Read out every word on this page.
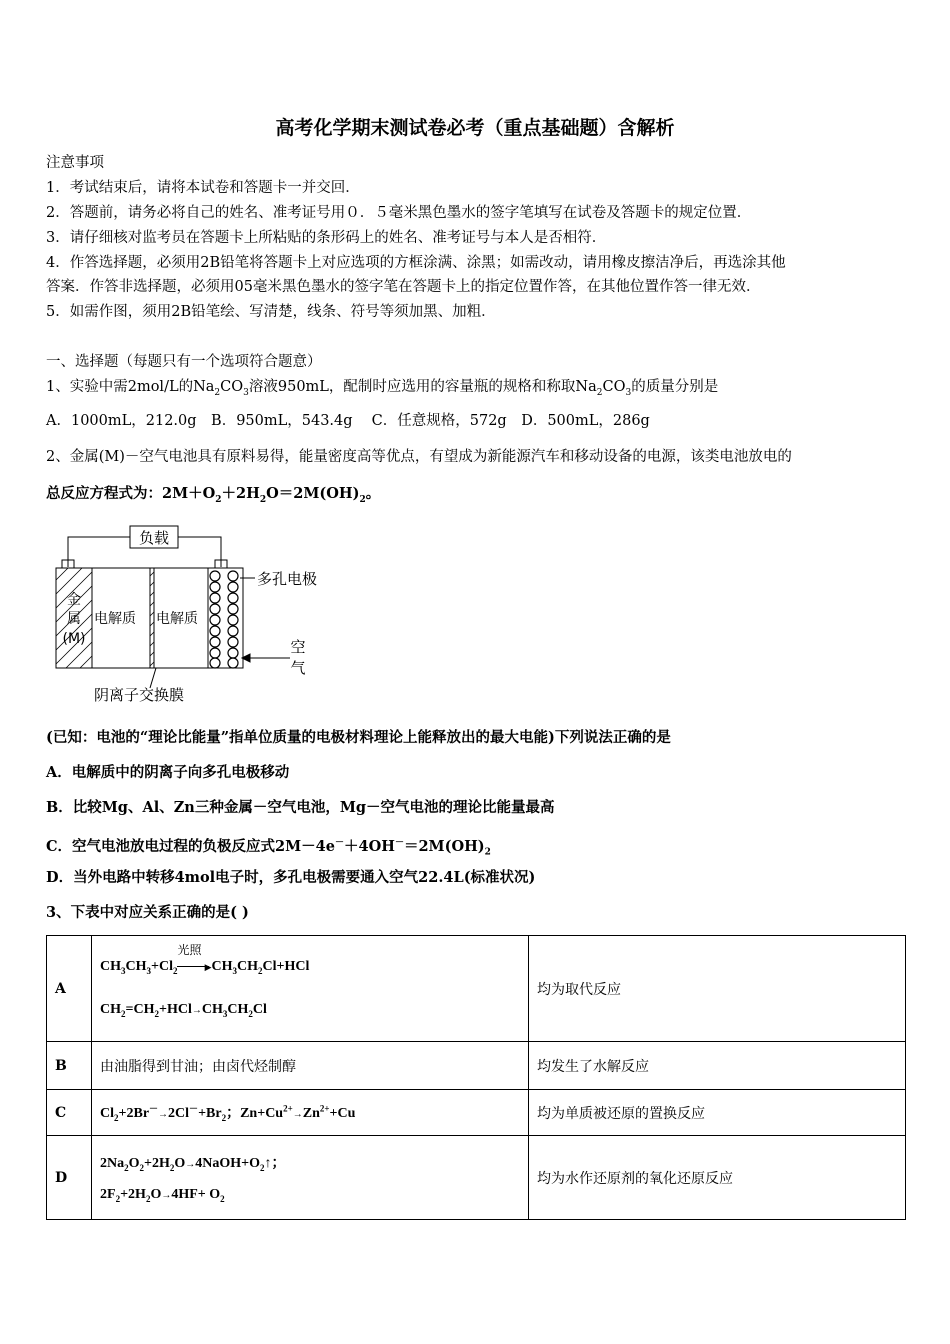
高考化学期末测试卷必考（重点基础题）含解析
注意事项
1．考试结束后，请将本试卷和答题卡一并交回．
2．答题前，请务必将自己的姓名、准考证号用０．５毫米黑色墨水的签字笔填写在试卷及答题卡的规定位置．
3．请仔细核对监考员在答题卡上所粘贴的条形码上的姓名、准考证号与本人是否相符．
4．作答选择题，必须用2B铅笔将答题卡上对应选项的方框涂满、涂黑；如需改动，请用橡皮擦洁净后，再选涂其他
答案．作答非选择题，必须用05毫米黑色墨水的签字笔在答题卡上的指定位置作答，在其他位置作答一律无效．
5．如需作图，须用2B铅笔绘、写清楚，线条、符号等须加黑、加粗．
一、选择题（每题只有一个选项符合题意）
1、实验中需2mol/L的$Na_2CO_3$溶液950mL，配制时应选用的容量瓶的规格和称取$Na_2CO_3$的质量分别是
A．1000mL，212.0g　B．950mL，543.4g　 C．任意规格，572g　D．500mL，286g
2、金属(M)－空气电池具有原料易得，能量密度高等优点，有望成为新能源汽车和移动设备的电源，该类电池放电的
总反应方程式为：$2M+O_2+2H_2O=2M(OH)_2$。
负载
多孔电极
电解质 电解质
阴离子交换膜
金
属
(M)	空
气
(已知：电池的“理论比能量”指单位质量的电极材料理论上能释放出的最大电能)下列说法正确的是
A．电解质中的阴离子向多孔电极移动
B．比较Mg、Al、Zn三种金属－空气电池，Mg－空气电池的理论比能量最高
C．空气电池放电过程的负极反应式$2M-4e^-+4OH^-=2M(OH)_2$
D．当外电路中转移4mol电子时，多孔电极需要通入空气22.4L(标准状况)
3、下表中对应关系正确的是( )
A	$CH_3CH_3+Cl_2$
光照
▶ $CH_3CH_2Cl+HCl$
$CH_2=CH_2+HCl\to CH_3CH_2Cl$	均为取代反应
B	由油脂得到甘油；由卤代烃制醇	均发生了水解反应
C	$Cl_2+2Br^-\to 2Cl^-+Br_2$；$Zn+Cu^{2+}\to Zn^{2+}+Cu$	均为单质被还原的置换反应
D	$2Na_2O_2+2H_2O\to 4NaOH+O_2↑$；
$2F_2+2H_2O\to 4HF+ O_2$	均为水作还原剂的氧化还原反应
